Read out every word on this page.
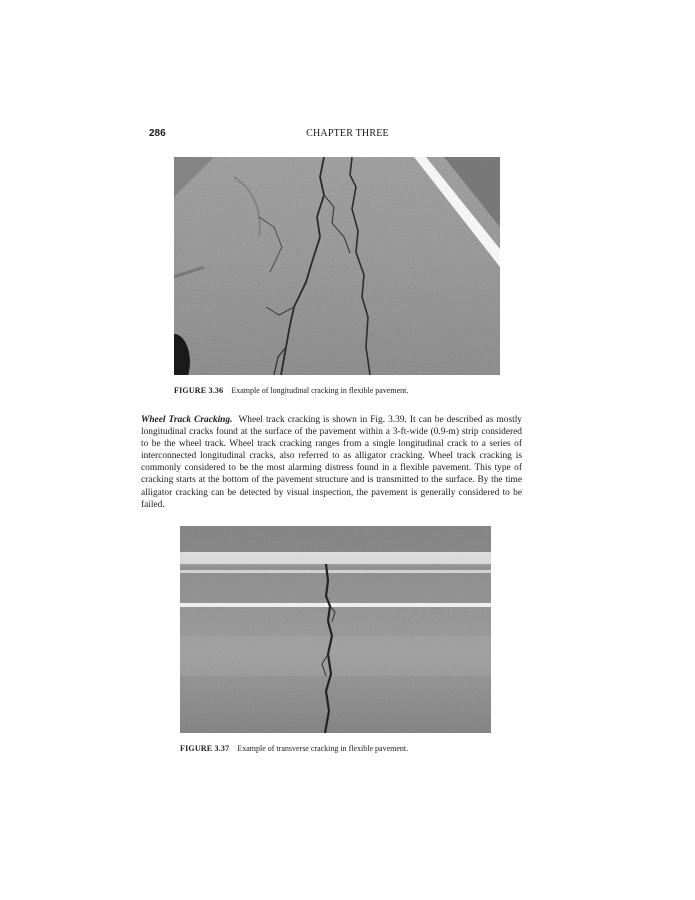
286	CHAPTER THREE
FIGURE 3.36 Example of longitudinal cracking in flexible pavement.
Wheel Track Cracking. Wheel track cracking is shown in Fig. 3.39. It can be described as mostly longitudinal cracks found at the surface of the pavement within a 3-ft-wide (0.9-m) strip considered to be the wheel track. Wheel track cracking ranges from a single longitudinal crack to a series of interconnected longitudinal cracks, also referred to as alligator cracking. Wheel track cracking is commonly considered to be the most alarming distress found in a flexible pavement. This type of cracking starts at the bottom of the pavement structure and is transmitted to the surface. By the time alligator cracking can be detected by visual inspection, the pavement is generally considered to be failed.
FIGURE 3.37 Example of transverse cracking in flexible pavement.
